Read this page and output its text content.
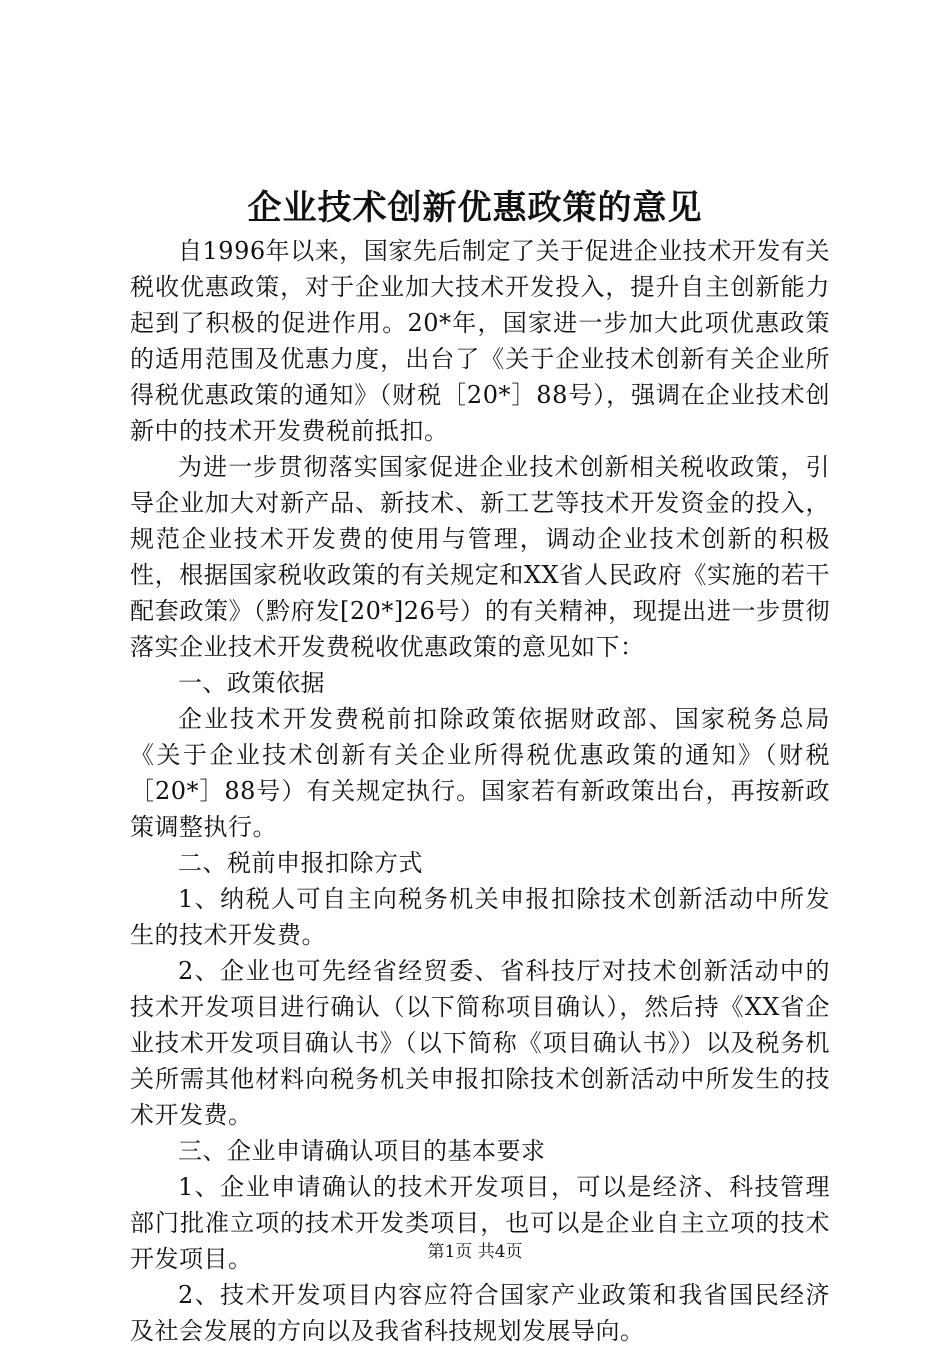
企业技术创新优惠政策的意见

自1996年以来，国家先后制定了关于促进企业技术开发有关税收优惠政策，对于企业加大技术开发投入，提升自主创新能力起到了积极的促进作用。20*年，国家进一步加大此项优惠政策的适用范围及优惠力度，出台了《关于企业技术创新有关企业所得税优惠政策的通知》（财税［20*］88号），强调在企业技术创新中的技术开发费税前抵扣。

为进一步贯彻落实国家促进企业技术创新相关税收政策，引导企业加大对新产品、新技术、新工艺等技术开发资金的投入，规范企业技术开发费的使用与管理，调动企业技术创新的积极性，根据国家税收政策的有关规定和XX省人民政府《实施的若干配套政策》（黔府发[20*]26号）的有关精神，现提出进一步贯彻落实企业技术开发费税收优惠政策的意见如下：

一、政策依据

企业技术开发费税前扣除政策依据财政部、国家税务总局《关于企业技术创新有关企业所得税优惠政策的通知》（财税［20*］88号）有关规定执行。国家若有新政策出台，再按新政策调整执行。

二、税前申报扣除方式

1、纳税人可自主向税务机关申报扣除技术创新活动中所发生的技术开发费。

2、企业也可先经省经贸委、省科技厅对技术创新活动中的技术开发项目进行确认（以下简称项目确认），然后持《XX省企业技术开发项目确认书》（以下简称《项目确认书》）以及税务机关所需其他材料向税务机关申报扣除技术创新活动中所发生的技术开发费。

三、企业申请确认项目的基本要求

1、企业申请确认的技术开发项目，可以是经济、科技管理部门批准立项的技术开发类项目，也可以是企业自主立项的技术开发项目。

2、技术开发项目内容应符合国家产业政策和我省国民经济及社会发展的方向以及我省科技规划发展导向。

第1页 共4页
